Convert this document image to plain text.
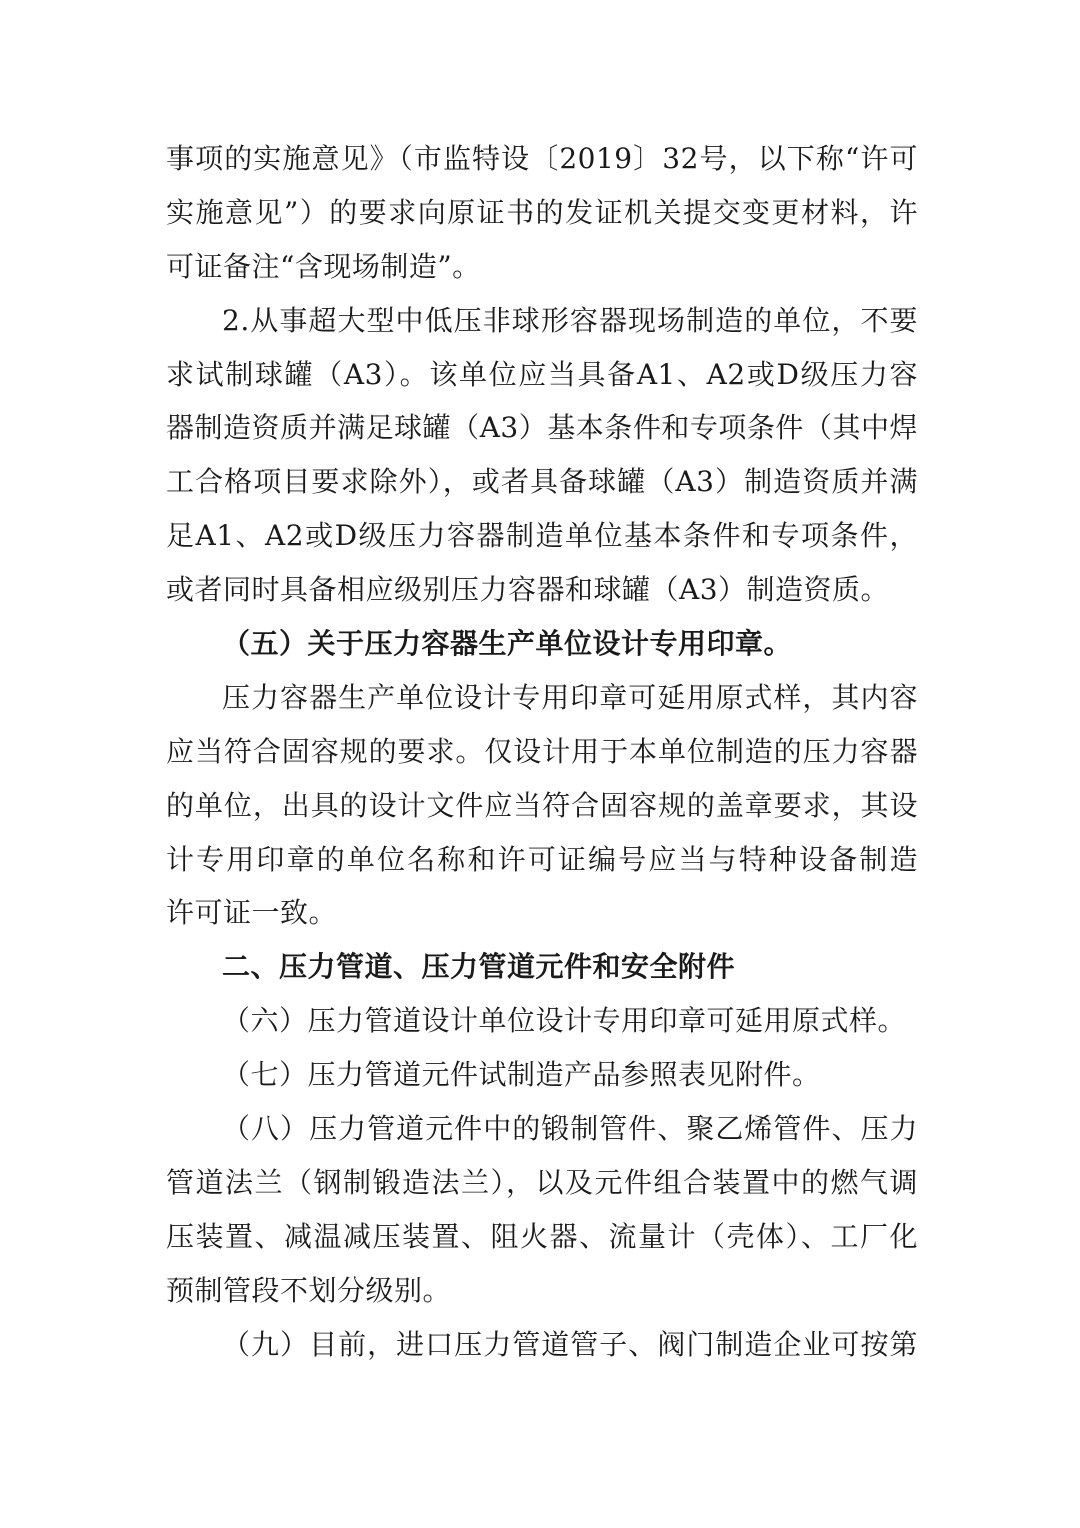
事项的实施意见》（市监特设〔2019〕32号，以下称“许可
实施意见”）的要求向原证书的发证机关提交变更材料，许
可证备注“含现场制造”。
2.从事超大型中低压非球形容器现场制造的单位，不要
求试制球罐（A3）。该单位应当具备A1、A2或D级压力容
器制造资质并满足球罐（A3）基本条件和专项条件（其中焊
工合格项目要求除外），或者具备球罐（A3）制造资质并满
足A1、A2或D级压力容器制造单位基本条件和专项条件，
或者同时具备相应级别压力容器和球罐（A3）制造资质。
（五）关于压力容器生产单位设计专用印章。
压力容器生产单位设计专用印章可延用原式样，其内容
应当符合固容规的要求。仅设计用于本单位制造的压力容器
的单位，出具的设计文件应当符合固容规的盖章要求，其设
计专用印章的单位名称和许可证编号应当与特种设备制造
许可证一致。
二、压力管道、压力管道元件和安全附件
（六）压力管道设计单位设计专用印章可延用原式样。
（七）压力管道元件试制造产品参照表见附件。
（八）压力管道元件中的锻制管件、聚乙烯管件、压力
管道法兰（钢制锻造法兰），以及元件组合装置中的燃气调
压装置、减温减压装置、阻火器、流量计（壳体）、工厂化
预制管段不划分级别。
（九）目前，进口压力管道管子、阀门制造企业可按第
